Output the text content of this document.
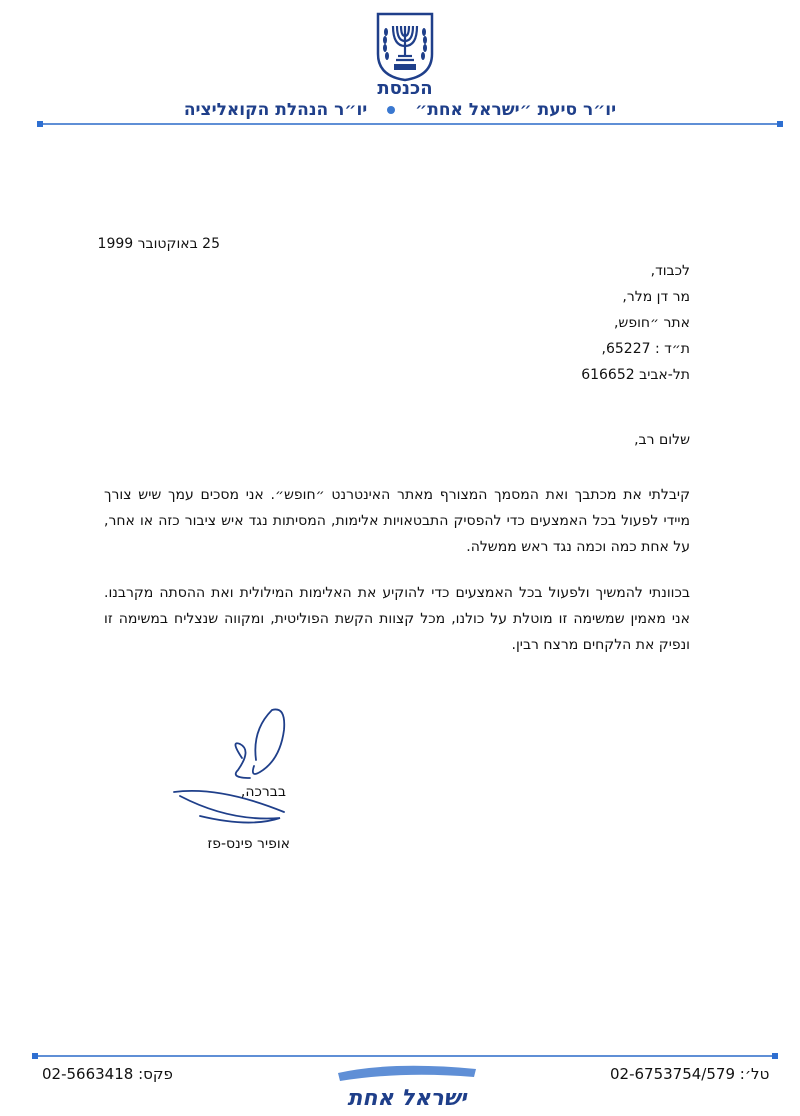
הכנסת
יו״ר סיעת ״ישראל אחת״  יו״ר הנהלת הקואליציה
25 באוקטובר 1999
לכבוד,
מר דן מלר,
אתר ״חופש,
ת״ד : 65227,
תל-אביב 616652
שלום רב,
קיבלתי את מכתבך ואת המסמך המצורף מאתר האינטרנט ״חופש״. אני מסכים עמך שיש צורך מיידי לפעול בכל האמצעים כדי להפסיק התבטאויות אלימות, המסיתות נגד איש ציבור כזה או אחר, על אחת כמה וכמה נגד ראש ממשלה.
בכוונתי להמשיך ולפעול בכל האמצעים כדי להוקיע את האלימות המילולית ואת ההסתה מקרבנו. אני מאמין שמשימה זו מוטלת על כולנו, מכל קצוות הקשת הפוליטית, ומקווה שנצליח במשימה זו ונפיק את הלקחים מרצח רבין.
בברכה,
אופיר פינס-פז
פקס: 02-5663418
ישראל אחת
טל׳: 02-6753754/579
